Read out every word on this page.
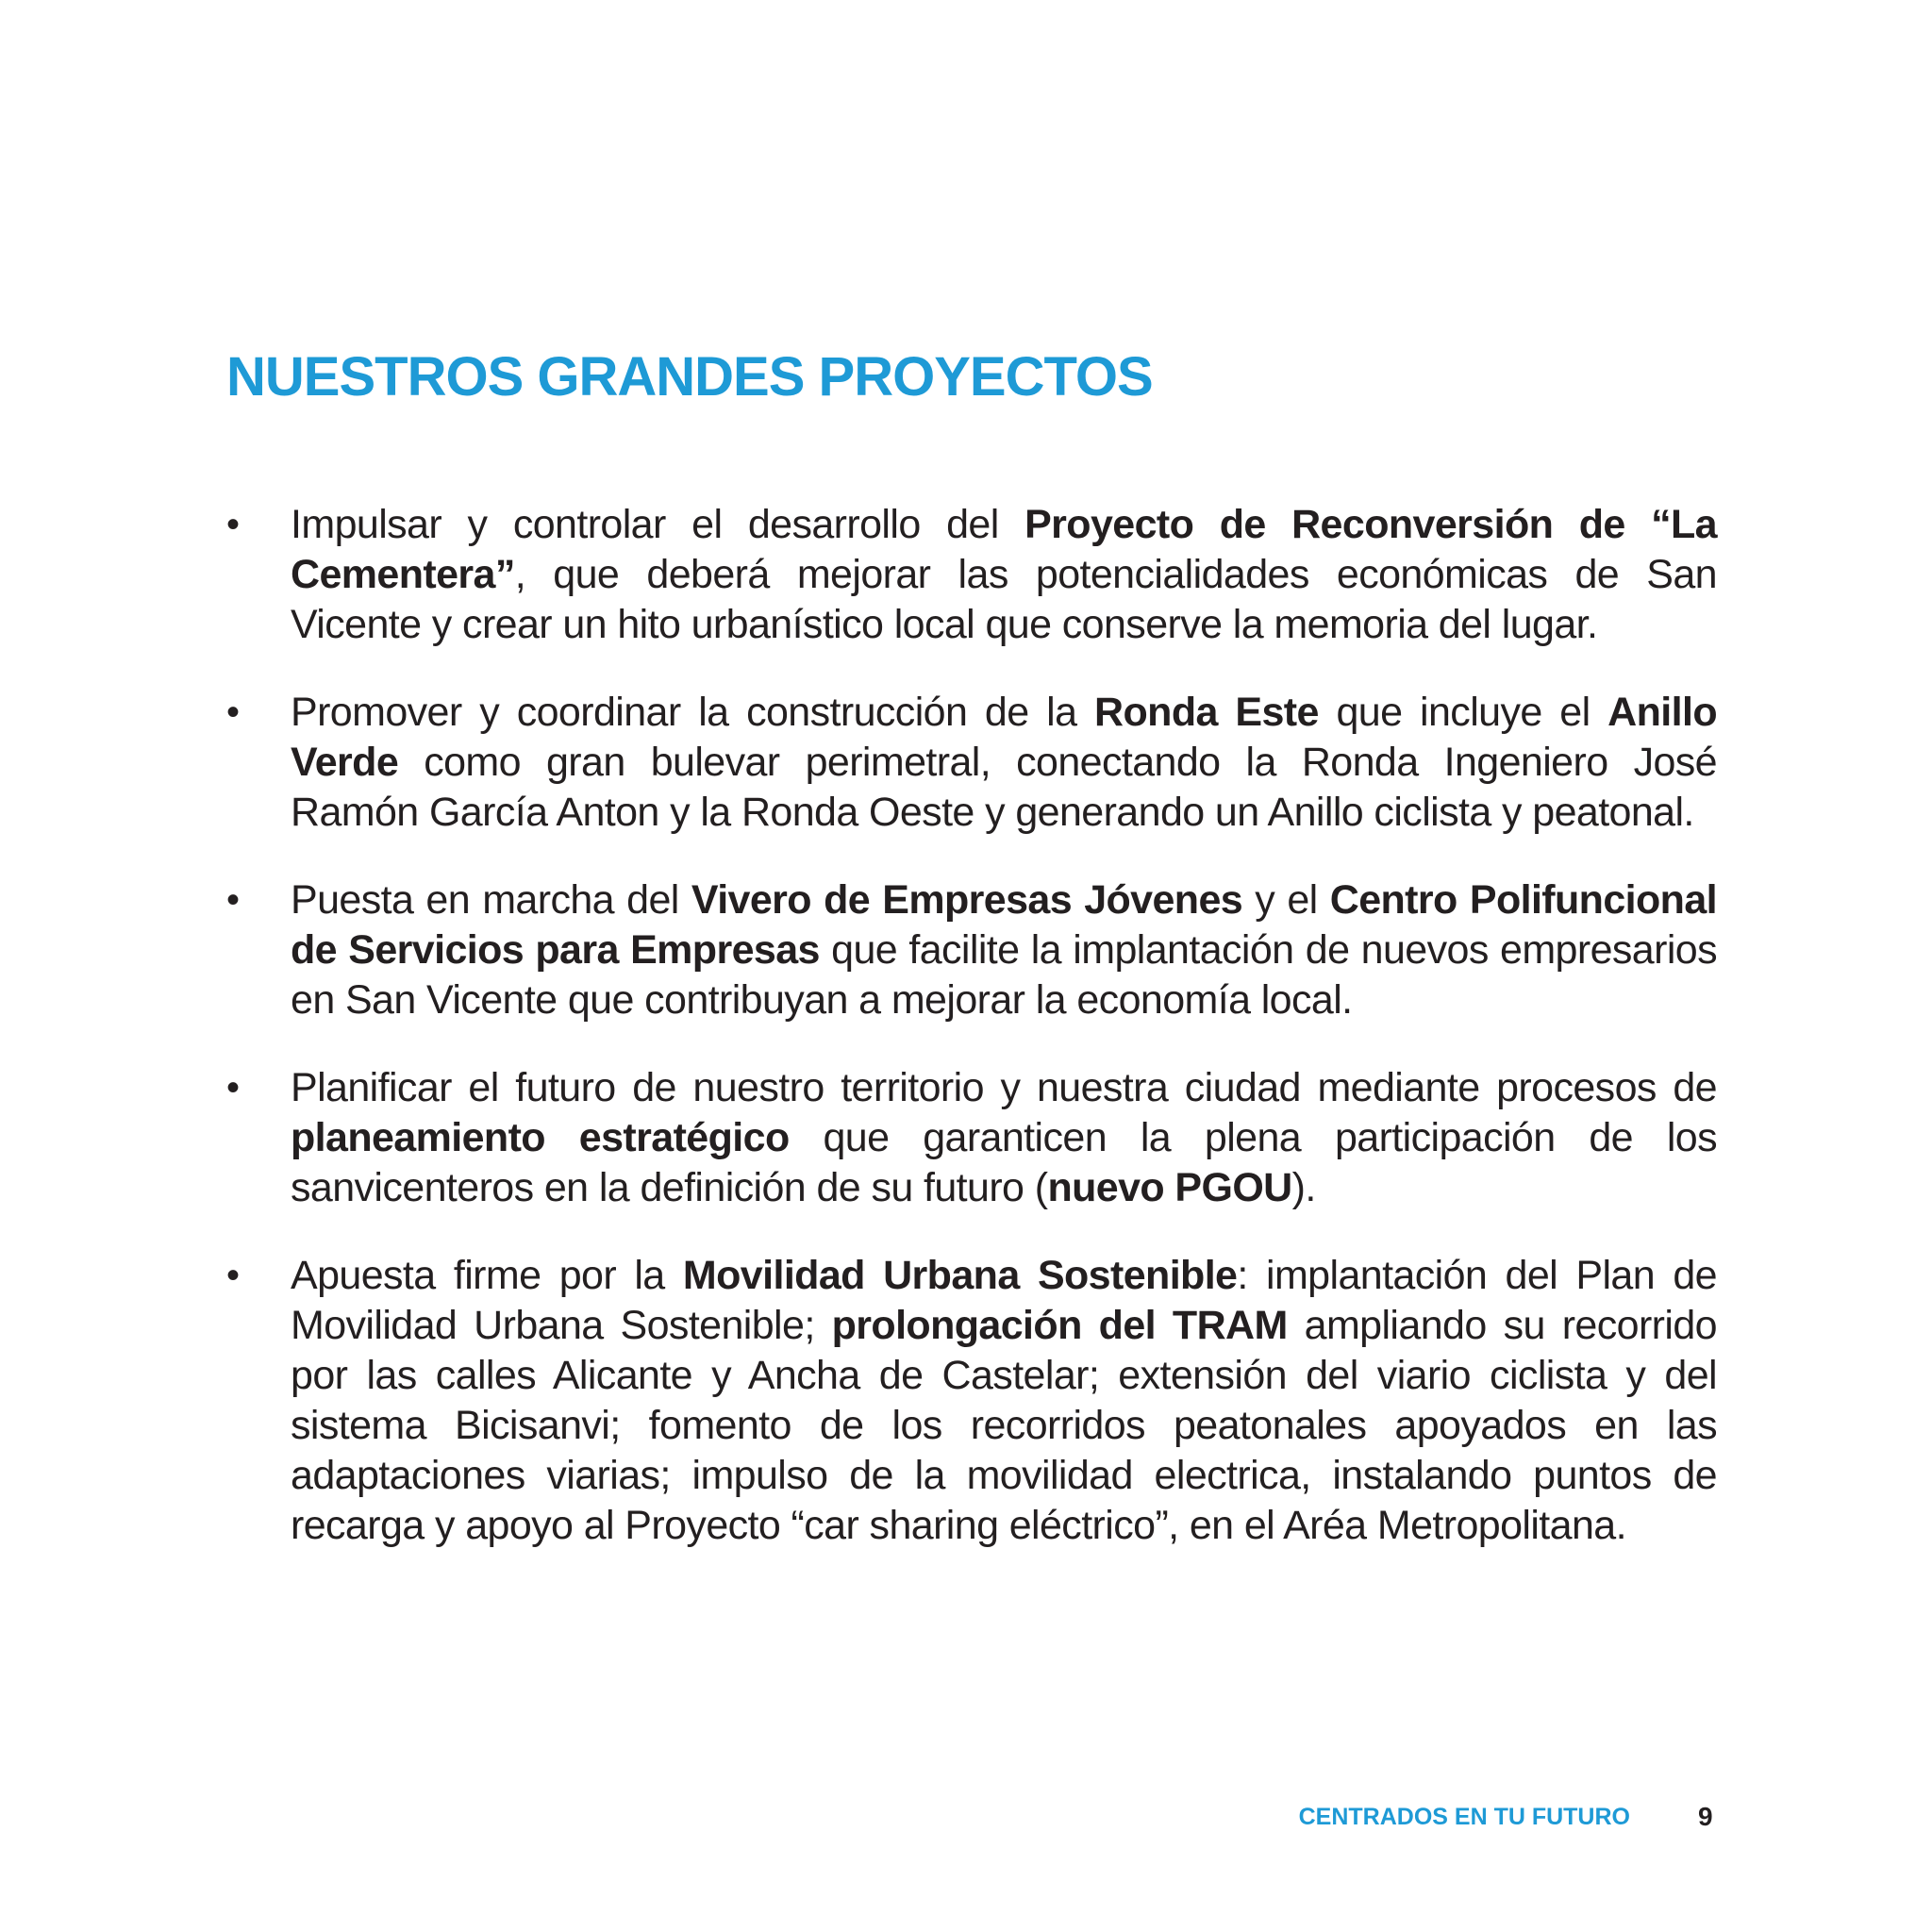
NUESTROS GRANDES PROYECTOS
• Impulsar y controlar el desarrollo del Proyecto de Reconversión de “La Cementera”, que deberá mejorar las potencialidades económicas de San Vicente y crear un hito urbanístico local que conserve la memoria del lugar.
• Promover y coordinar la construcción de la Ronda Este que incluye el Anillo Verde como gran bulevar perimetral, conectando la Ronda Ingeniero José Ramón García Anton y la Ronda Oeste y generando un Anillo ciclista y peatonal.
• Puesta en marcha del Vivero de Empresas Jóvenes y el Centro Polifuncional de Servicios para Empresas que facilite la implantación de nuevos empresarios en San Vicente que contribuyan a mejorar la economía local.
• Planificar el futuro de nuestro territorio y nuestra ciudad mediante procesos de planeamiento estratégico que garanticen la plena participación de los sanvicenteros en la definición de su futuro (nuevo PGOU).
• Apuesta firme por la Movilidad Urbana Sostenible: implantación del Plan de Movilidad Urbana Sostenible; prolongación del TRAM ampliando su recorrido por las calles Alicante y Ancha de Castelar; extensión del viario ciclista y del sistema Bicisanvi; fomento de los recorridos peatonales apoyados en las adaptaciones viarias; impulso de la movilidad electrica, instalando puntos de recarga y apoyo al Proyecto “car sharing eléctrico”, en el Aréa Metropolitana.
CENTRADOS EN TU FUTURO	9
